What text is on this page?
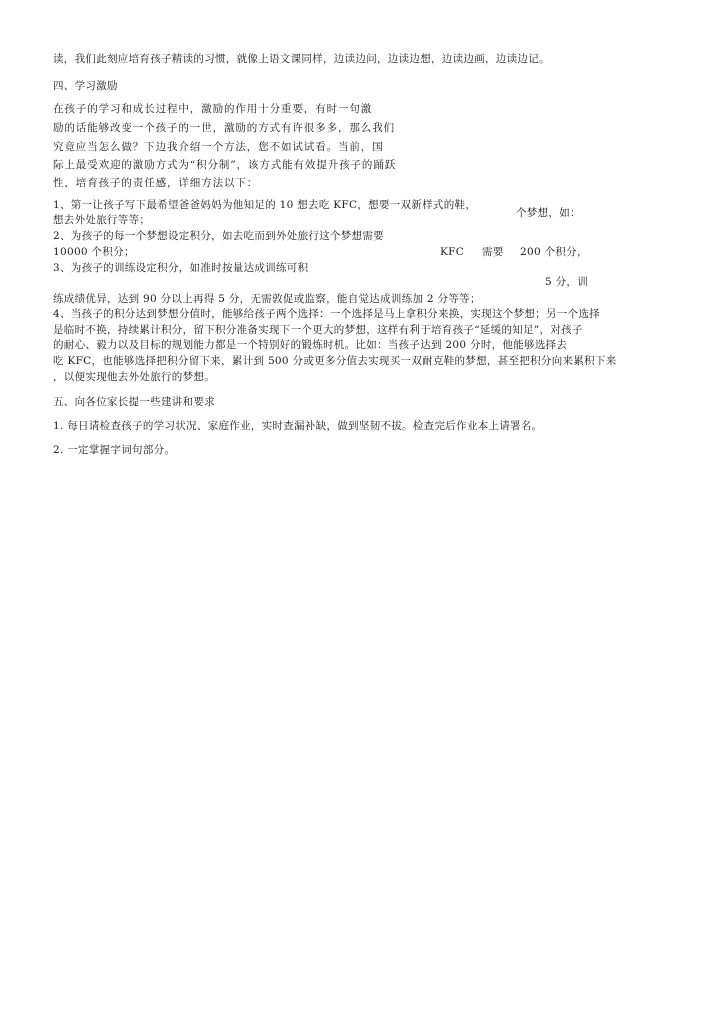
读，我们此刻应培育孩子精读的习惯，就像上语文课同样，边读边问，边读边想，边读边画，边读边记。
四、学习激励
在孩子的学习和成长过程中，激励的作用十分重要，有时一句激
励的话能够改变一个孩子的一世，激励的方式有许很多多，那么我们
究竟应当怎么做？下边我介绍一个方法，您不如试试看。当前，国
际上最受欢迎的激励方式为“积分制”，该方式能有效提升孩子的踊跃
性，培育孩子的责任感，详细方法以下：
1、第一让孩子写下最希望爸爸妈妈为他知足的 10 想去吃 KFC，想要一双新样式的鞋，
个梦想，如：
想去外处旅行等等；
2、为孩子的每一个梦想设定积分，如去吃而到外处旅行这个梦想需要
10000 个积分；	KFC 需要 200 个积分，
3、为孩子的训练设定积分，如准时按量达成训练可积
5 分，训
练成绩优异，达到 90 分以上再得 5 分，无需敦促或监察，能自觉达成训练加 2 分等等；
4、当孩子的积分达到梦想分值时，能够给孩子两个选择：一个选择是马上拿积分来换，实现这个梦想；另一个选择
是临时不换，持续累计积分，留下积分准备实现下一个更大的梦想，这样有利于培育孩子“延缓的知足”，对孩子
的耐心、毅力以及目标的规划能力都是一个特别好的锻炼时机。比如：当孩子达到 200 分时，他能够选择去
吃 KFC，也能够选择把积分留下来，累计到 500 分或更多分值去实现买一双耐克鞋的梦想，甚至把积分向来累积下来
，以便实现他去外处旅行的梦想。
五、向各位家长提一些建讲和要求
1. 每日请检查孩子的学习状况、家庭作业，实时查漏补缺，做到坚韧不拔。检查完后作业本上请署名。
2. 一定掌握字词句部分。
